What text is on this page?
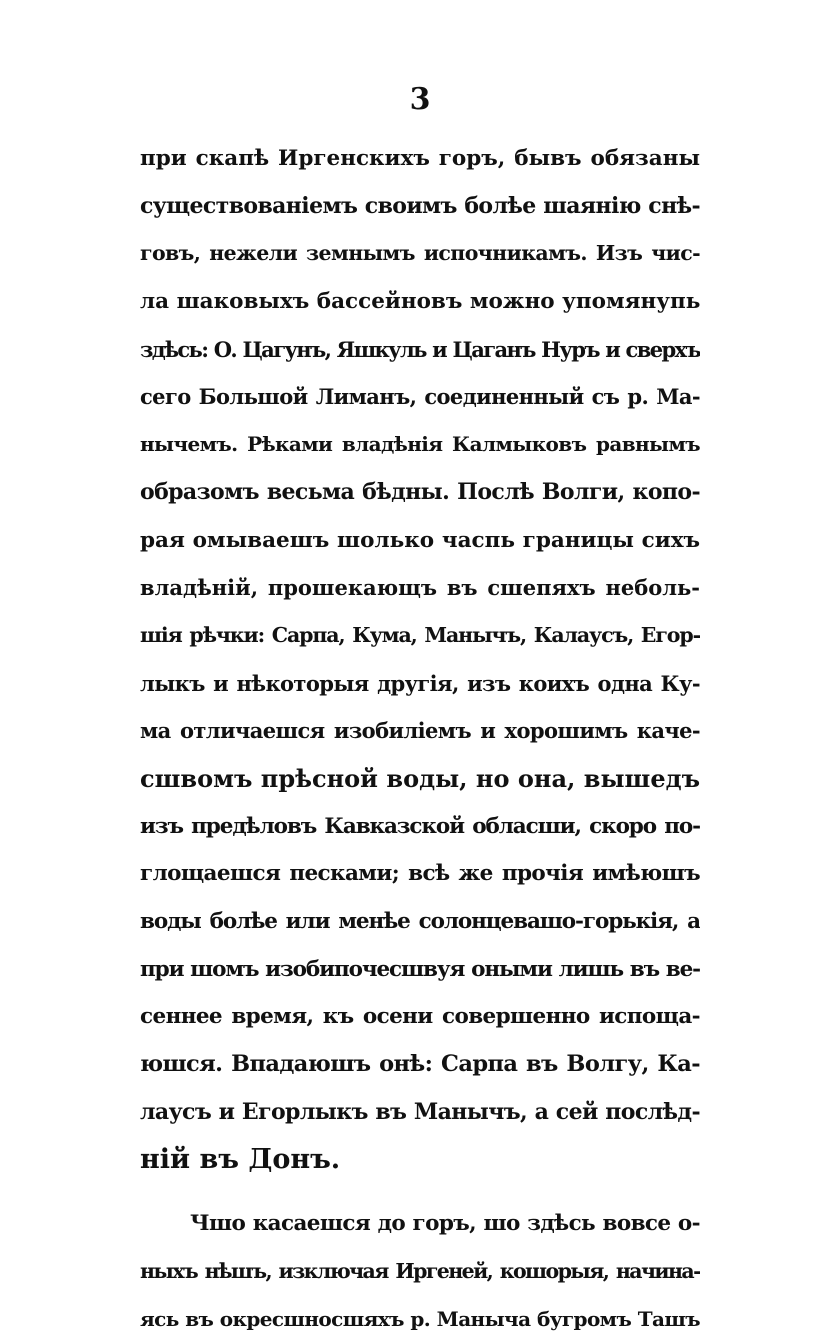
3
при скапѣ Иргенскихъ горъ, бывъ обязаны
существованіемъ своимъ болѣе шаянію снѣ-
говъ, нежели земнымъ испочникамъ. Изъ чис-
ла шаковыхъ бассейновъ можно упомянупь
здѣсь: О. Цагунъ, Яшкуль и Цаганъ Нуръ и сверхъ
сего Большой Лиманъ, соединенный съ р. Ма-
нычемъ. Рѣками владѣнія Калмыковъ равнымъ
образомъ весьма бѣдны. Послѣ Волги, копо-
рая омываешъ шолько часпь границы сихъ
владѣній, прошекающъ въ сшепяхъ неболь-
шія рѣчки: Сарпа, Кума, Манычъ, Калаусъ, Егор-
лыкъ и нѣкоторыя другія, изъ коихъ одна Ку-
ма отличаешся изобиліемъ и хорошимъ каче-
сшвомъ прѣсной воды, но она, вышедъ
изъ предѣловъ Кавказской обласши, скоро по-
глощаешся песками; всѣ же прочія имѣюшъ
воды болѣе или менѣе солонцевашо-горькія, а
при шомъ изобипочесшвуя оными лишь въ ве-
сеннее время, къ осени совершенно испоща-
юшся. Впадаюшъ онѣ: Сарпа въ Волгу, Ка-
лаусъ и Егорлыкъ въ Манычъ, а сей послѣд-
ній въ Донъ.
Чшо касаешся до горъ, шо здѣсь вовсе о-
ныхъ нѣшъ, изключая Иргеней, кошорыя, начина-
ясь въ окресшносшяхъ р. Маныча бугромъ Ташъ
